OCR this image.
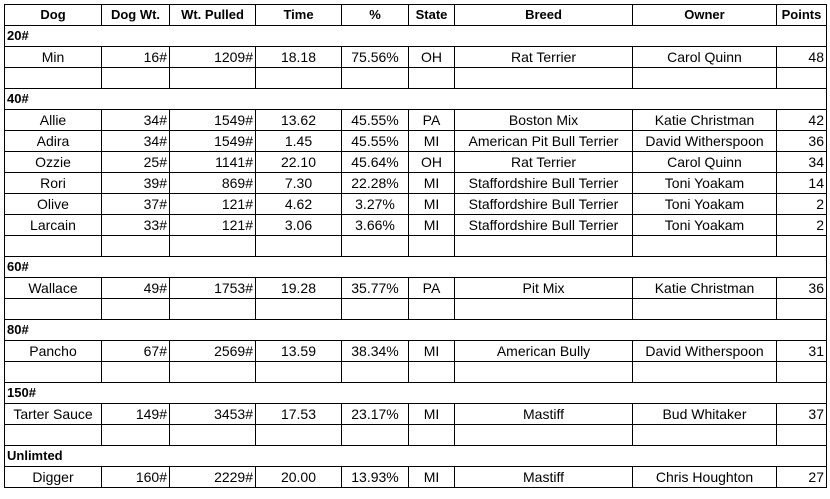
Dog	Dog Wt.	Wt. Pulled	Time	%	State	Breed	Owner	Points
20#								
Min	16#	1209#	18.18	75.56%	OH	Rat Terrier	Carol Quinn	48

40#								
Allie	34#	1549#	13.62	45.55%	PA	Boston Mix	Katie Christman	42
Adira	34#	1549#	1.45	45.55%	MI	American Pit Bull Terrier	David Witherspoon	36
Ozzie	25#	1141#	22.10	45.64%	OH	Rat Terrier	Carol Quinn	34
Rori	39#	869#	7.30	22.28%	MI	Staffordshire Bull Terrier	Toni Yoakam	14
Olive	37#	121#	4.62	3.27%	MI	Staffordshire Bull Terrier	Toni Yoakam	2
Larcain	33#	121#	3.06	3.66%	MI	Staffordshire Bull Terrier	Toni Yoakam	2

60#								
Wallace	49#	1753#	19.28	35.77%	PA	Pit Mix	Katie Christman	36

80#								
Pancho	67#	2569#	13.59	38.34%	MI	American Bully	David Witherspoon	31

150#								
Tarter Sauce	149#	3453#	17.53	23.17%	MI	Mastiff	Bud Whitaker	37

Unlimted								
Digger	160#	2229#	20.00	13.93%	MI	Mastiff	Chris Houghton	27
